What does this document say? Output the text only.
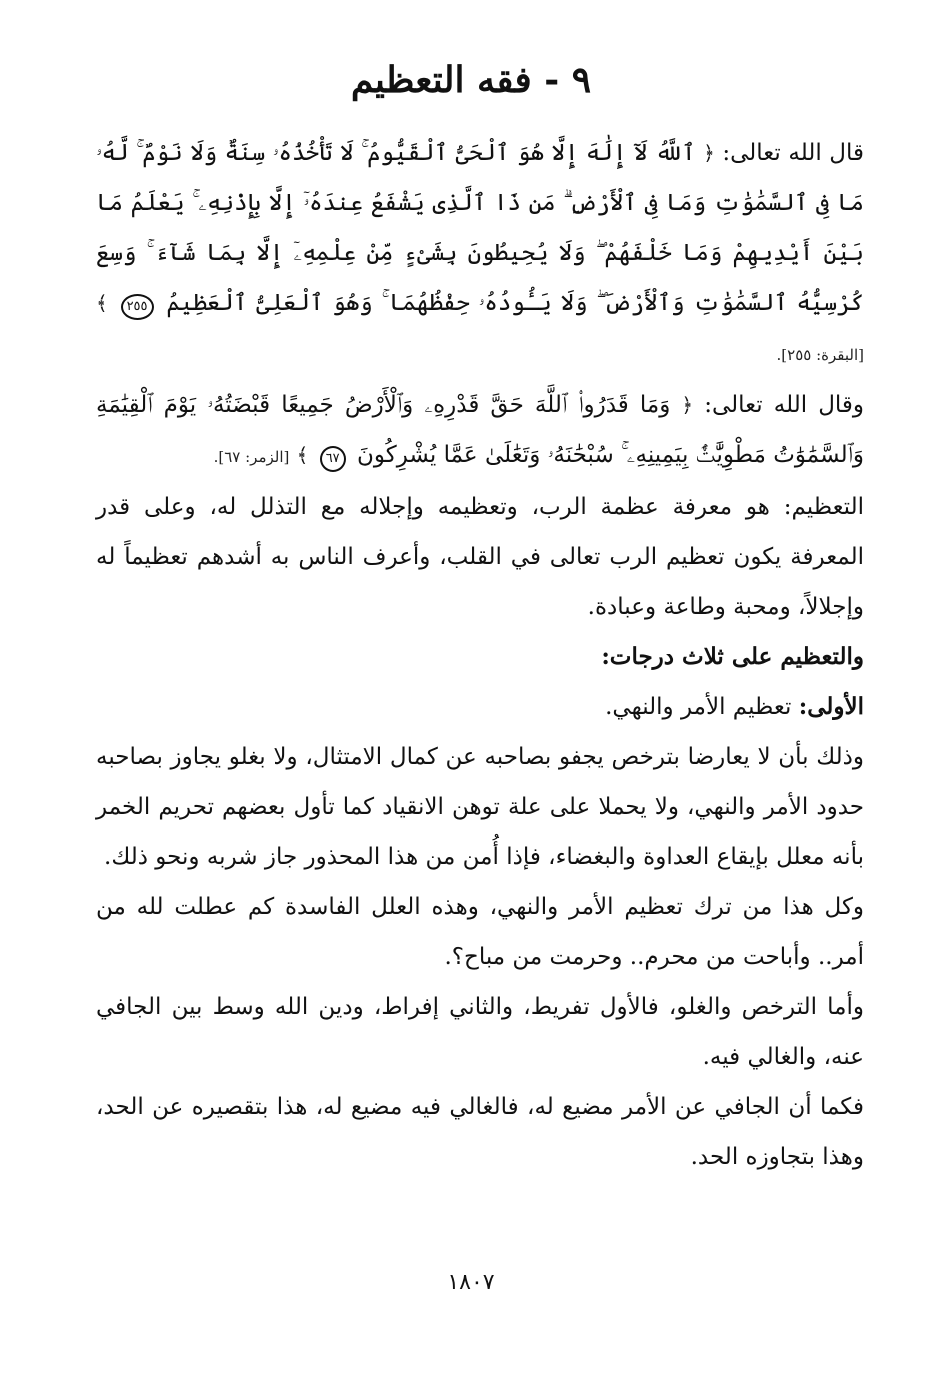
٩ - فقه التعظيم

قال الله تعالى: ﴿ ٱللَّهُ لَآ إِلَٰهَ إِلَّا هُوَ ٱلْحَىُّ ٱلْقَيُّومُ ۚ لَا تَأْخُذُهُۥ سِنَةٌ وَلَا نَوْمٌ ۚ لَّهُۥ مَا فِى ٱلسَّمَٰوَٰتِ وَمَا فِى ٱلْأَرْضِ ۗ مَن ذَا ٱلَّذِى يَشْفَعُ عِندَهُۥٓ إِلَّا بِإِذْنِهِۦ ۚ يَعْلَمُ مَا بَيْنَ أَيْدِيهِمْ وَمَا خَلْفَهُمْ ۖ وَلَا يُحِيطُونَ بِشَىْءٍ مِّنْ عِلْمِهِۦٓ إِلَّا بِمَا شَآءَ ۚ وَسِعَ كُرْسِيُّهُ ٱلسَّمَٰوَٰتِ وَٱلْأَرْضَ ۖ وَلَا يَـُٔودُهُۥ حِفْظُهُمَا ۚ وَهُوَ ٱلْعَلِىُّ ٱلْعَظِيمُ ٢٥٥ ﴾ [البقرة: ٢٥٥].

وقال الله تعالى: ﴿ وَمَا قَدَرُوا۟ ٱللَّهَ حَقَّ قَدْرِهِۦ وَٱلْأَرْضُ جَمِيعًا قَبْضَتُهُۥ يَوْمَ ٱلْقِيَٰمَةِ وَٱلسَّمَٰوَٰتُ مَطْوِيَّٰتٌۢ بِيَمِينِهِۦ ۚ سُبْحَٰنَهُۥ وَتَعَٰلَىٰ عَمَّا يُشْرِكُونَ ٦٧ ﴾ [الزمر: ٦٧].

التعظيم: هو معرفة عظمة الرب، وتعظيمه وإجلاله مع التذلل له، وعلى قدر المعرفة يكون تعظيم الرب تعالى في القلب، وأعرف الناس به أشدهم تعظيماً له وإجلالاً، ومحبة وطاعة وعبادة.

والتعظيم على ثلاث درجات:

الأولى: تعظيم الأمر والنهي.

وذلك بأن لا يعارضا بترخص يجفو بصاحبه عن كمال الامتثال، ولا بغلو يجاوز بصاحبه حدود الأمر والنهي، ولا يحملا على علة توهن الانقياد كما تأول بعضهم تحريم الخمر بأنه معلل بإيقاع العداوة والبغضاء، فإذا أُمن من هذا المحذور جاز شربه ونحو ذلك.

وكل هذا من ترك تعظيم الأمر والنهي، وهذه العلل الفاسدة كم عطلت لله من أمر.. وأباحت من محرم.. وحرمت من مباح؟.

وأما الترخص والغلو، فالأول تفريط، والثاني إفراط، ودين الله وسط بين الجافي عنه، والغالي فيه.

فكما أن الجافي عن الأمر مضيع له، فالغالي فيه مضيع له، هذا بتقصيره عن الحد، وهذا بتجاوزه الحد.

١٨٠٧
